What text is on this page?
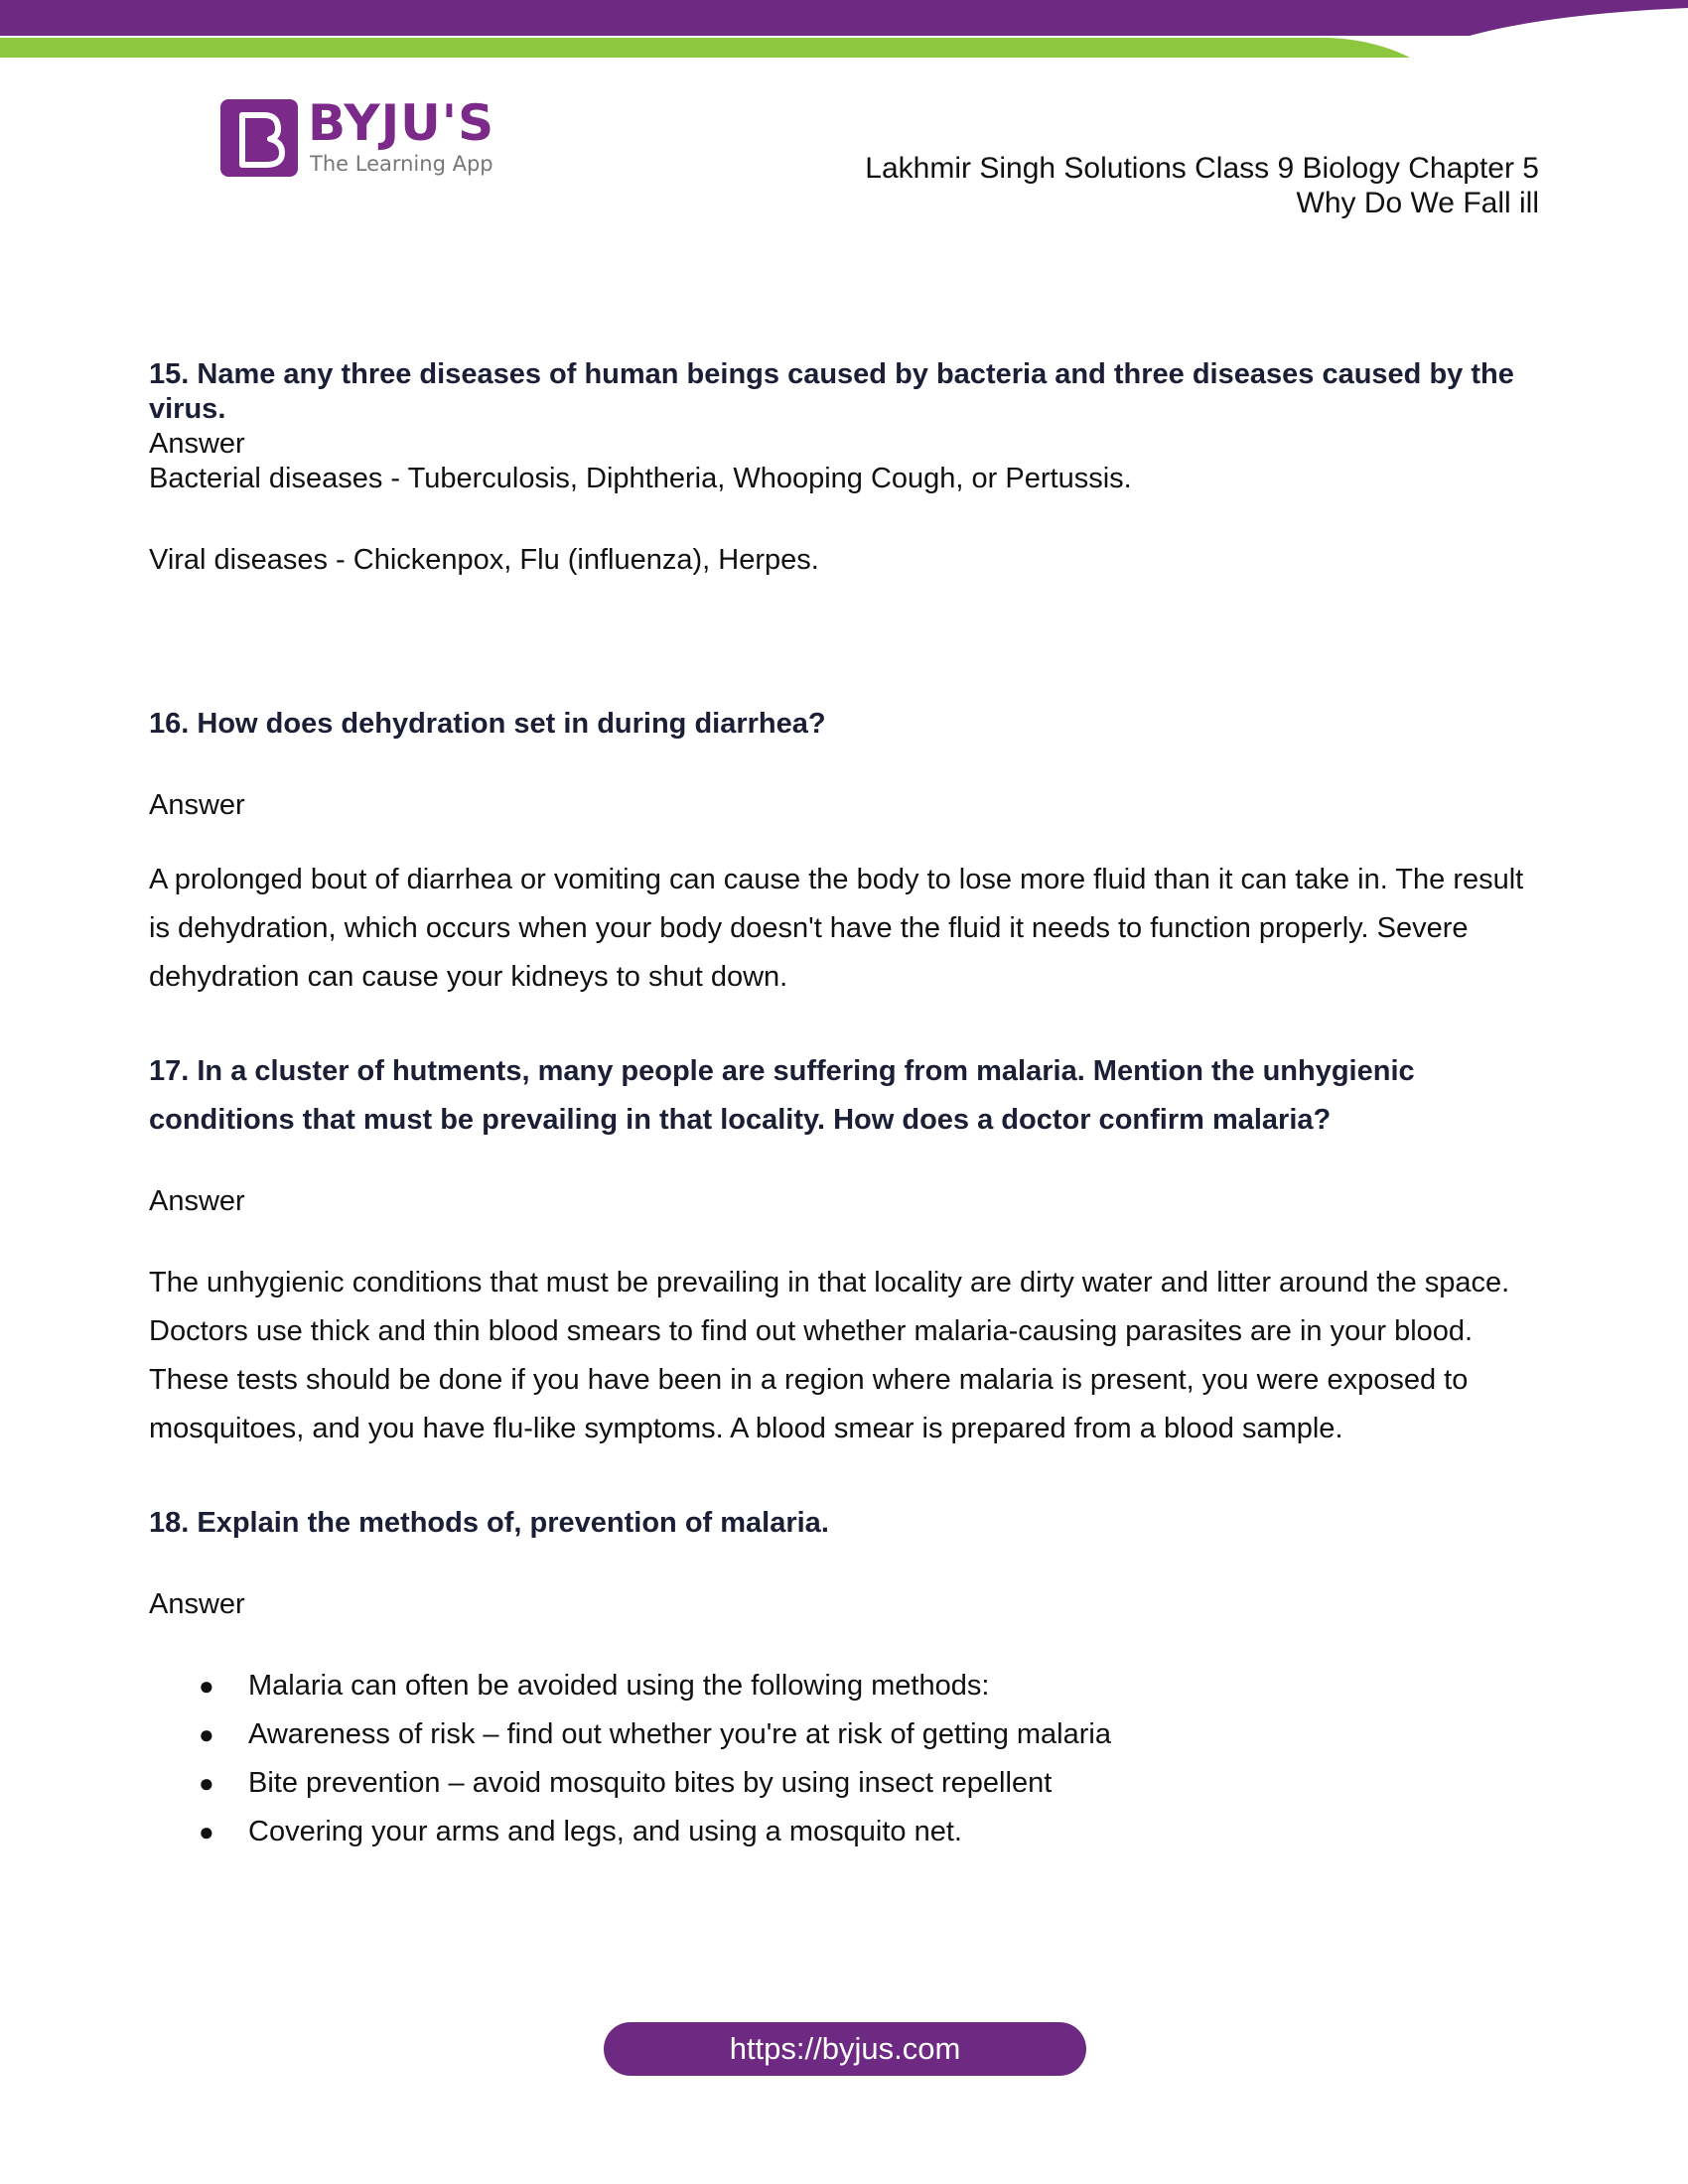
BYJU'S
The Learning App	Lakhmir Singh Solutions Class 9 Biology Chapter 5
Why Do We Fall ill

15. Name any three diseases of human beings caused by bacteria and three diseases caused by the virus.

Answer

Bacterial diseases - Tuberculosis, Diphtheria, Whooping Cough, or Pertussis.

Viral diseases - Chickenpox, Flu (influenza), Herpes.

16. How does dehydration set in during diarrhea?

Answer

A prolonged bout of diarrhea or vomiting can cause the body to lose more fluid than it can take in. The result is dehydration, which occurs when your body doesn't have the fluid it needs to function properly. Severe dehydration can cause your kidneys to shut down.

17. In a cluster of hutments, many people are suffering from malaria. Mention the unhygienic conditions that must be prevailing in that locality. How does a doctor confirm malaria?

Answer

The unhygienic conditions that must be prevailing in that locality are dirty water and litter around the space. Doctors use thick and thin blood smears to find out whether malaria-causing parasites are in your blood. These tests should be done if you have been in a region where malaria is present, you were exposed to mosquitoes, and you have flu-like symptoms. A blood smear is prepared from a blood sample.

18. Explain the methods of, prevention of malaria.

Answer

● Malaria can often be avoided using the following methods:
● Awareness of risk – find out whether you're at risk of getting malaria
● Bite prevention – avoid mosquito bites by using insect repellent
● Covering your arms and legs, and using a mosquito net.
https://byjus.com
